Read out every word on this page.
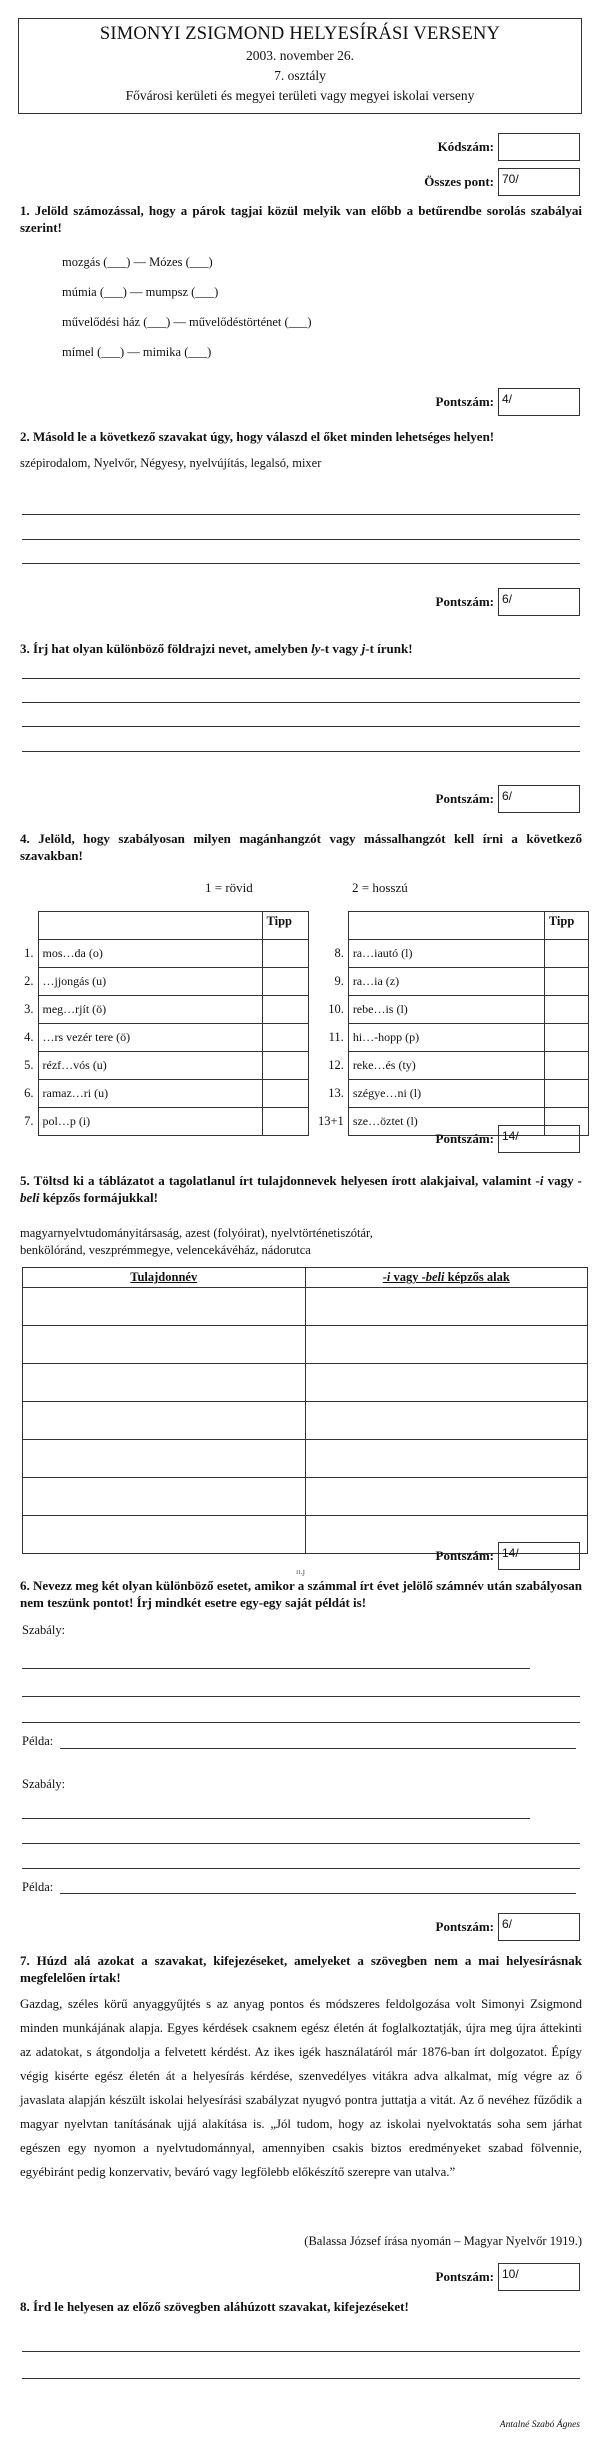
SIMONYI ZSIGMOND HELYESÍRÁSI VERSENY
2003. november 26.
7. osztály
Fővárosi kerületi és megyei területi vagy megyei iskolai verseny
Kódszám:
Összes pont: 70/
1. Jelöld számozással, hogy a párok tagjai közül melyik van előbb a betűrendbe sorolás szabályai szerint!
mozgás (___) — Mózes (___)
múmia (___) — mumpsz (___)
művelődési ház (___) — művelődéstörténet (___)
mímel (___) — mimika (___)
Pontszám: 4/
2. Másold le a következő szavakat úgy, hogy válaszd el őket minden lehetséges helyen!
szépirodalom, Nyelvőr, Négyesy, nyelvújítás, legalsó, mixer
Pontszám: 6/
3. Írj hat olyan különböző földrajzi nevet, amelyben ly-t vagy j-t írunk!
Pontszám: 6/
4. Jelöld, hogy szabályosan milyen magánhangzót vagy mássalhangzót kell írni a következő szavakban!
1 = rövid	2 = hosszú
		Tipp
1.	mos…da (o)	
2.	…jjongás (u)	
3.	meg…rjít (ö)	
4.	…rs vezér tere (ö)	
5.	rézf…vós (u)	
6.	ramaz…ri (u)	
7.	pol…p (i)	
		Tipp
8.	ra…iautó (l)	
9.	ra…ia (z)	
10.	rebe…is (l)	
11.	hi…-hopp (p)	
12.	reke…és (ty)	
13.	szégye…ni (l)	
13+1	sze…öztet (l)	
Pontszám: 14/
5. Töltsd ki a táblázatot a tagolatlanul írt tulajdonnevek helyesen írott alakjaival, valamint -i vagy -beli képzős formájukkal!
magyarnyelvtudományitársaság, azest (folyóirat), nyelvtörténetiszótár,
benkölóránd, veszprémmegye, velencekávéház, nádorutca
Tulajdonnév	-i vagy -beli képzős alak

ıı.ɟ
Pontszám: 14/
6. Nevezz meg két olyan különböző esetet, amikor a számmal írt évet jelölő számnév után szabályosan nem teszünk pontot! Írj mindkét esetre egy-egy saját példát is!
Szabály:
Példa:
Szabály:
Példa:
Pontszám: 6/
7. Húzd alá azokat a szavakat, kifejezéseket, amelyeket a szövegben nem a mai helyesírásnak megfelelően írtak!
Gazdag, széles körű anyaggyűjtés s az anyag pontos és módszeres feldolgozása volt Simonyi Zsigmond minden munkájának alapja. Egyes kérdések csaknem egész életén át foglalkoztatják, újra meg újra áttekinti az adatokat, s átgondolja a felvetett kérdést. Az ikes igék használatáról már 1876-ban írt dolgozatot. Épígy végig kisérte egész életén át a helyesírás kérdése, szenvedélyes vitákra adva alkalmat, míg végre az ő javaslata alapján készült iskolai helyesírási szabályzat nyugvó pontra juttatja a vitát. Az ő nevéhez fűződik a magyar nyelvtan tanításának ujjá alakítása is. „Jól tudom, hogy az iskolai nyelvoktatás soha sem járhat egészen egy nyomon a nyelvtudománnyal, amennyiben csakis biztos eredményeket szabad fölvennie, egyébiránt pedig konzervativ, beváró vagy legfölebb előkészítő szerepre van utalva.”
(Balassa József írása nyomán – Magyar Nyelvőr 1919.)
Pontszám: 10/
8. Írd le helyesen az előző szövegben aláhúzott szavakat, kifejezéseket!
Antalné Szabó Ágnes
